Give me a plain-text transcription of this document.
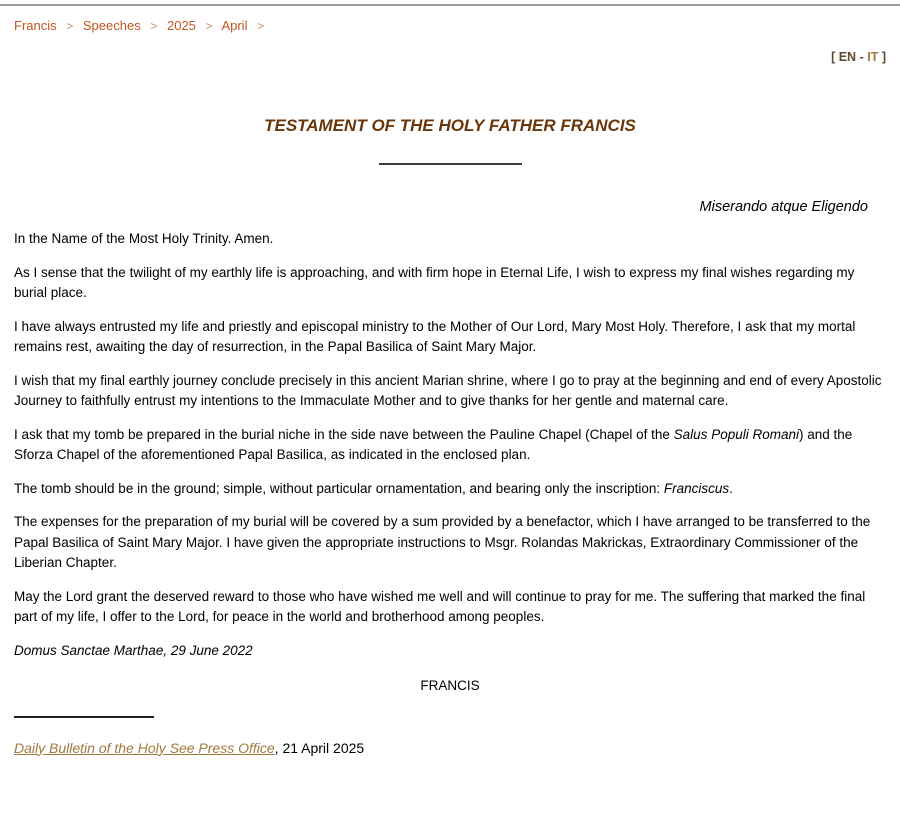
Francis > Speeches > 2025 > April >
[ EN - IT ]
TESTAMENT OF THE HOLY FATHER FRANCIS
Miserando atque Eligendo

In the Name of the Most Holy Trinity. Amen.

As I sense that the twilight of my earthly life is approaching, and with firm hope in Eternal Life, I wish to express my final wishes regarding my burial place.

I have always entrusted my life and priestly and episcopal ministry to the Mother of Our Lord, Mary Most Holy. Therefore, I ask that my mortal remains rest, awaiting the day of resurrection, in the Papal Basilica of Saint Mary Major.

I wish that my final earthly journey conclude precisely in this ancient Marian shrine, where I go to pray at the beginning and end of every Apostolic Journey to faithfully entrust my intentions to the Immaculate Mother and to give thanks for her gentle and maternal care.

I ask that my tomb be prepared in the burial niche in the side nave between the Pauline Chapel (Chapel of the Salus Populi Romani) and the Sforza Chapel of the aforementioned Papal Basilica, as indicated in the enclosed plan.

The tomb should be in the ground; simple, without particular ornamentation, and bearing only the inscription: Franciscus.

The expenses for the preparation of my burial will be covered by a sum provided by a benefactor, which I have arranged to be transferred to the Papal Basilica of Saint Mary Major. I have given the appropriate instructions to Msgr. Rolandas Makrickas, Extraordinary Commissioner of the Liberian Chapter.

May the Lord grant the deserved reward to those who have wished me well and will continue to pray for me. The suffering that marked the final part of my life, I offer to the Lord, for peace in the world and brotherhood among peoples.

Domus Sanctae Marthae, 29 June 2022
FRANCIS
Daily Bulletin of the Holy See Press Office, 21 April 2025
